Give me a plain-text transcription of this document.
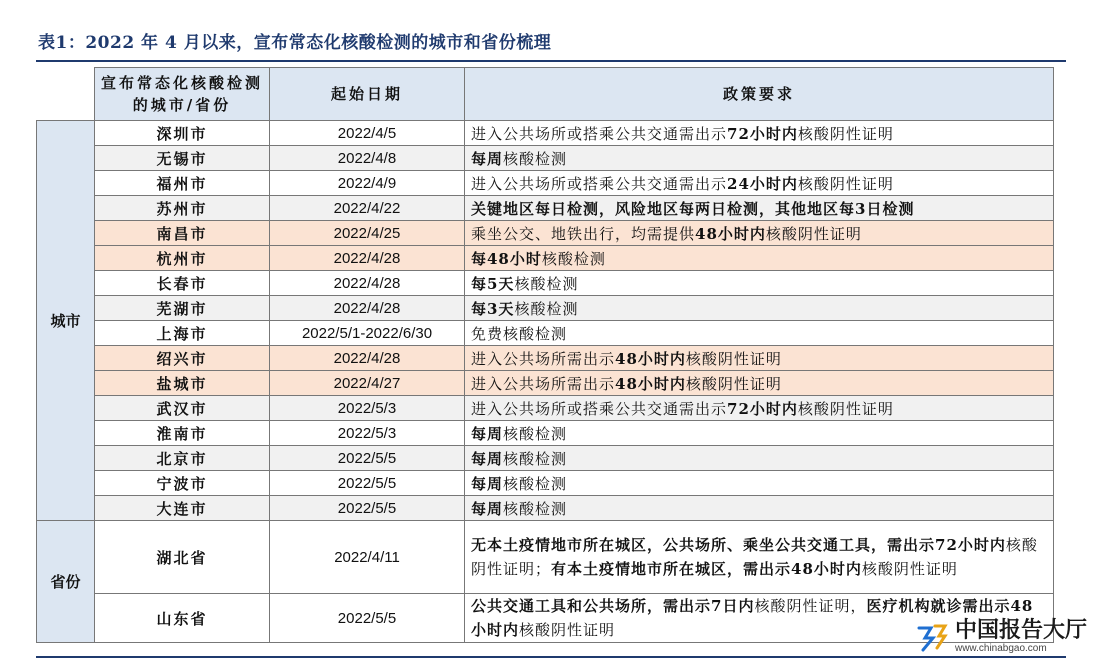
表1：2022 年 4 月以来，宣布常态化核酸检测的城市和省份梳理
	宣布常态化核酸检测的城市/省份	起始日期	政策要求
城市	深圳市	2022/4/5	进入公共场所或搭乘公共交通需出示72小时内核酸阴性证明
	无锡市	2022/4/8	每周核酸检测
	福州市	2022/4/9	进入公共场所或搭乘公共交通需出示24小时内核酸阴性证明
	苏州市	2022/4/22	关键地区每日检测，风险地区每两日检测，其他地区每3日检测
	南昌市	2022/4/25	乘坐公交、地铁出行，均需提供48小时内核酸阴性证明
	杭州市	2022/4/28	每48小时核酸检测
	长春市	2022/4/28	每5天核酸检测
	芜湖市	2022/4/28	每3天核酸检测
	上海市	2022/5/1-2022/6/30	免费核酸检测
	绍兴市	2022/4/28	进入公共场所需出示48小时内核酸阴性证明
	盐城市	2022/4/27	进入公共场所需出示48小时内核酸阴性证明
	武汉市	2022/5/3	进入公共场所或搭乘公共交通需出示72小时内核酸阴性证明
	淮南市	2022/5/3	每周核酸检测
	北京市	2022/5/5	每周核酸检测
	宁波市	2022/5/5	每周核酸检测
	大连市	2022/5/5	每周核酸检测
省份	湖北省	2022/4/11	无本土疫情地市所在城区，公共场所、乘坐公共交通工具，需出示72小时内核酸阴性证明；有本土疫情地市所在城区，需出示48小时内核酸阴性证明
	山东省	2022/5/5	公共交通工具和公共场所，需出示7日内核酸阴性证明，医疗机构就诊需出示48小时内核酸阴性证明	中国报告大厅
www.chinabgao.com
